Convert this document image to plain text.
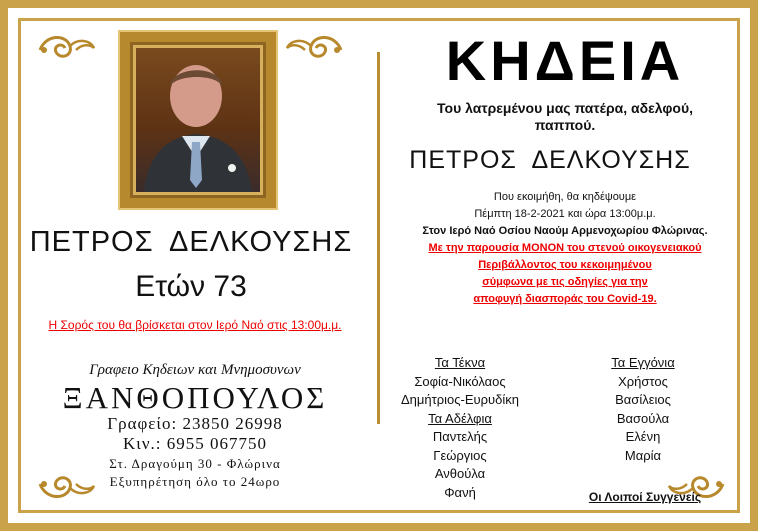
ΠΕΤΡΟΣ ΔΕΛΚΟΥΣΗΣ
Ετών 73
Η Σορός του θα βρίσκεται στον Ιερό Ναό στις 13:00μ.μ.
Γραφειο Κηδειων και Μνημοσυνων
ΞΑΝΘΟΠΟΥΛΟΣ
Γραφείο: 23850 26998
Κιν.: 6955 067750
Στ. Δραγούμη 30 - Φλώρινα
Εξυπηρέτηση όλο το 24ωρο
ΚΗΔΕΙΑ
Του λατρεμένου μας πατέρα, αδελφού,
παππού.
ΠΕΤΡΟΣ ΔΕΛΚΟΥΣΗΣ
Που εκοιμήθη, θα κηδέψουμε
Πέμπτη 18-2-2021 και ώρα 13:00μ.μ.
Στον Ιερό Ναό Οσίου Ναούμ Αρμενοχωρίου Φλώρινας.
Με την παρουσία ΜΟΝΟΝ του στενού οικογενειακού
Περιβάλλοντος του κεκοιμημένου
σύμφωνα με τις οδηγίες για την
αποφυγή διασποράς του Covid-19.
Τα Τέκνα
Σοφία-Νικόλαος
Δημήτριος-Ευρυδίκη
Τα Αδέλφια
Παντελής
Γεώργιος
Ανθούλα
Φανή
Τα Εγγόνια
Χρήστος
Βασίλειος
Βασούλα
Ελένη
Μαρία
Οι Λοιποί Συγγενείς
